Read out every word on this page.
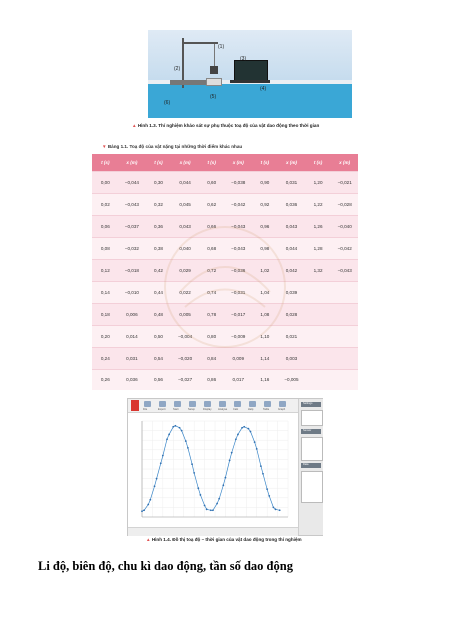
(1)
(2)
(3)
(4)
(5)
(6)
▲ Hình 1.3. Thí nghiệm khảo sát sự phụ thuộc toạ độ của vật dao động theo thời gian
▼ Bảng 1.1. Toạ độ của vật nặng tại những thời điểm khác nhau
t (s)	x (m)	t (s)	x (m)	t (s)	x (m)	t (s)	x (m)	t (s)	x (m)
0,00	−0,044	0,30	0,044	0,60	−0,038	0,90	0,031	1,20	−0,021
0,02	−0,043	0,32	0,045	0,62	−0,042	0,92	0,036	1,22	−0,028
0,06	−0,037	0,36	0,043	0,66	−0,043	0,96	0,043	1,26	−0,040
0,08	−0,032	0,38	0,040	0,68	−0,043	0,98	0,044	1,28	−0,042
0,12	−0,018	0,42	0,029	0,72	−0,036	1,02	0,042	1,32	−0,043
0,14	−0,010	0,44	0,022	0,74	−0,031	1,04	0,039		
0,18	0,006	0,48	0,005	0,78	−0,017	1,08	0,028		
0,20	0,014	0,50	−0,004	0,80	−0,009	1,10	0,021		
0,24	0,031	0,54	−0,020	0,84	0,009	1,14	0,003		
0,26	0,036	0,56	−0,027	0,86	0,017	1,16	−0,005		
File	Export	Start	Setup	Display Analyse Calc	Help	Table	Graph
Settings
Sensor
Data
▲ Hình 1.4. Đồ thị toạ độ – thời gian của vật dao động trong thí nghiệm
Li độ, biên độ, chu kì dao động, tần số dao động
